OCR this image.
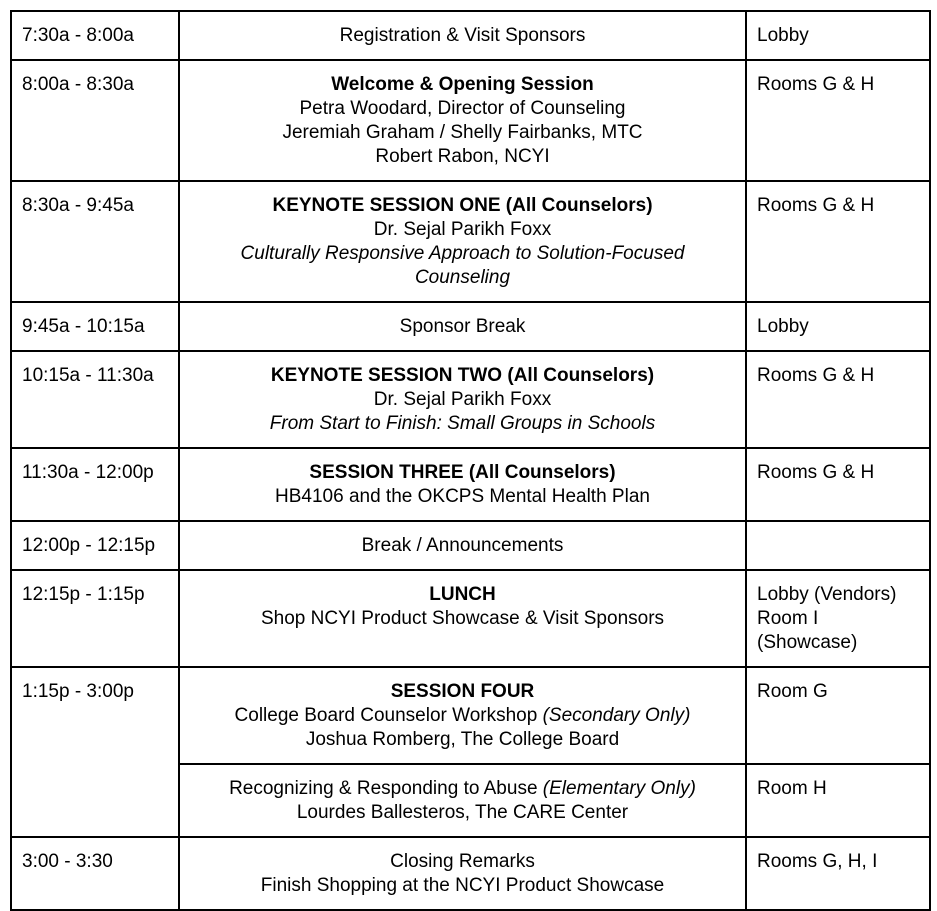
7:30a - 8:00a	Registration & Visit Sponsors	Lobby
8:00a - 8:30a	Welcome & Opening Session
Petra Woodard, Director of Counseling
Jeremiah Graham / Shelly Fairbanks, MTC
Robert Rabon, NCYI	Rooms G & H
8:30a - 9:45a	KEYNOTE SESSION ONE (All Counselors)
Dr. Sejal Parikh Foxx
Culturally Responsive Approach to Solution-Focused
Counseling	Rooms G & H
9:45a - 10:15a	Sponsor Break	Lobby
10:15a - 11:30a	KEYNOTE SESSION TWO (All Counselors)
Dr. Sejal Parikh Foxx
From Start to Finish: Small Groups in Schools	Rooms G & H
11:30a - 12:00p	SESSION THREE (All Counselors)
HB4106 and the OKCPS Mental Health Plan	Rooms G & H
12:00p - 12:15p	Break / Announcements	

12:15p - 1:15p	LUNCH
Shop NCYI Product Showcase & Visit Sponsors	Lobby (Vendors)
Room I
(Showcase)

1:15p - 3:00p	SESSION FOUR
College Board Counselor Workshop (Secondary Only)
Joshua Romberg, The College Board	Room G

	Recognizing & Responding to Abuse (Elementary Only)
Lourdes Ballesteros, The CARE Center	Room H
3:00 - 3:30	Closing Remarks
Finish Shopping at the NCYI Product Showcase	Rooms G, H, I
